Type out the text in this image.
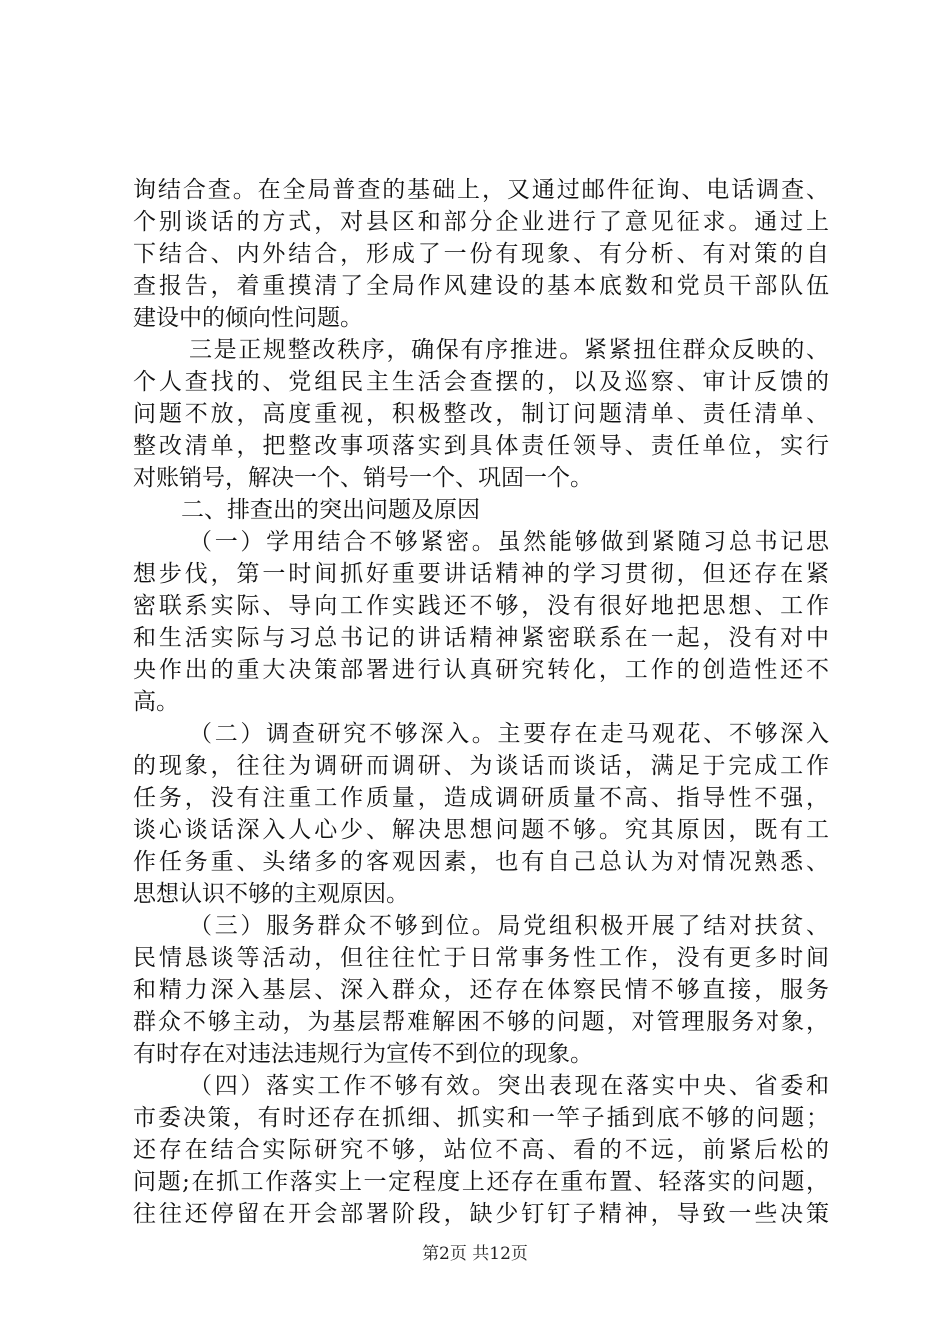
询结合查。在全局普查的基础上，又通过邮件征询、电话调查、
个别谈话的方式，对县区和部分企业进行了意见征求。通过上
下结合、内外结合，形成了一份有现象、有分析、有对策的自
查报告，着重摸清了全局作风建设的基本底数和党员干部队伍
建设中的倾向性问题。
三是正规整改秩序，确保有序推进。紧紧扭住群众反映的、
个人查找的、党组民主生活会查摆的，以及巡察、审计反馈的
问题不放，高度重视，积极整改，制订问题清单、责任清单、
整改清单，把整改事项落实到具体责任领导、责任单位，实行
对账销号，解决一个、销号一个、巩固一个。
二、排查出的突出问题及原因
（一）学用结合不够紧密。虽然能够做到紧随习总书记思
想步伐，第一时间抓好重要讲话精神的学习贯彻，但还存在紧
密联系实际、导向工作实践还不够，没有很好地把思想、工作
和生活实际与习总书记的讲话精神紧密联系在一起，没有对中
央作出的重大决策部署进行认真研究转化，工作的创造性还不
高。
（二）调查研究不够深入。主要存在走马观花、不够深入
的现象，往往为调研而调研、为谈话而谈话，满足于完成工作
任务，没有注重工作质量，造成调研质量不高、指导性不强，
谈心谈话深入人心少、解决思想问题不够。究其原因，既有工
作任务重、头绪多的客观因素，也有自己总认为对情况熟悉、
思想认识不够的主观原因。
（三）服务群众不够到位。局党组积极开展了结对扶贫、
民情恳谈等活动，但往往忙于日常事务性工作，没有更多时间
和精力深入基层、深入群众，还存在体察民情不够直接，服务
群众不够主动，为基层帮难解困不够的问题，对管理服务对象，
有时存在对违法违规行为宣传不到位的现象。
（四）落实工作不够有效。突出表现在落实中央、省委和
市委决策，有时还存在抓细、抓实和一竿子插到底不够的问题；
还存在结合实际研究不够，站位不高、看的不远，前紧后松的
问题;在抓工作落实上一定程度上还存在重布置、轻落实的问题，
往往还停留在开会部署阶段，缺少钉钉子精神，导致一些决策
第2页 共12页
